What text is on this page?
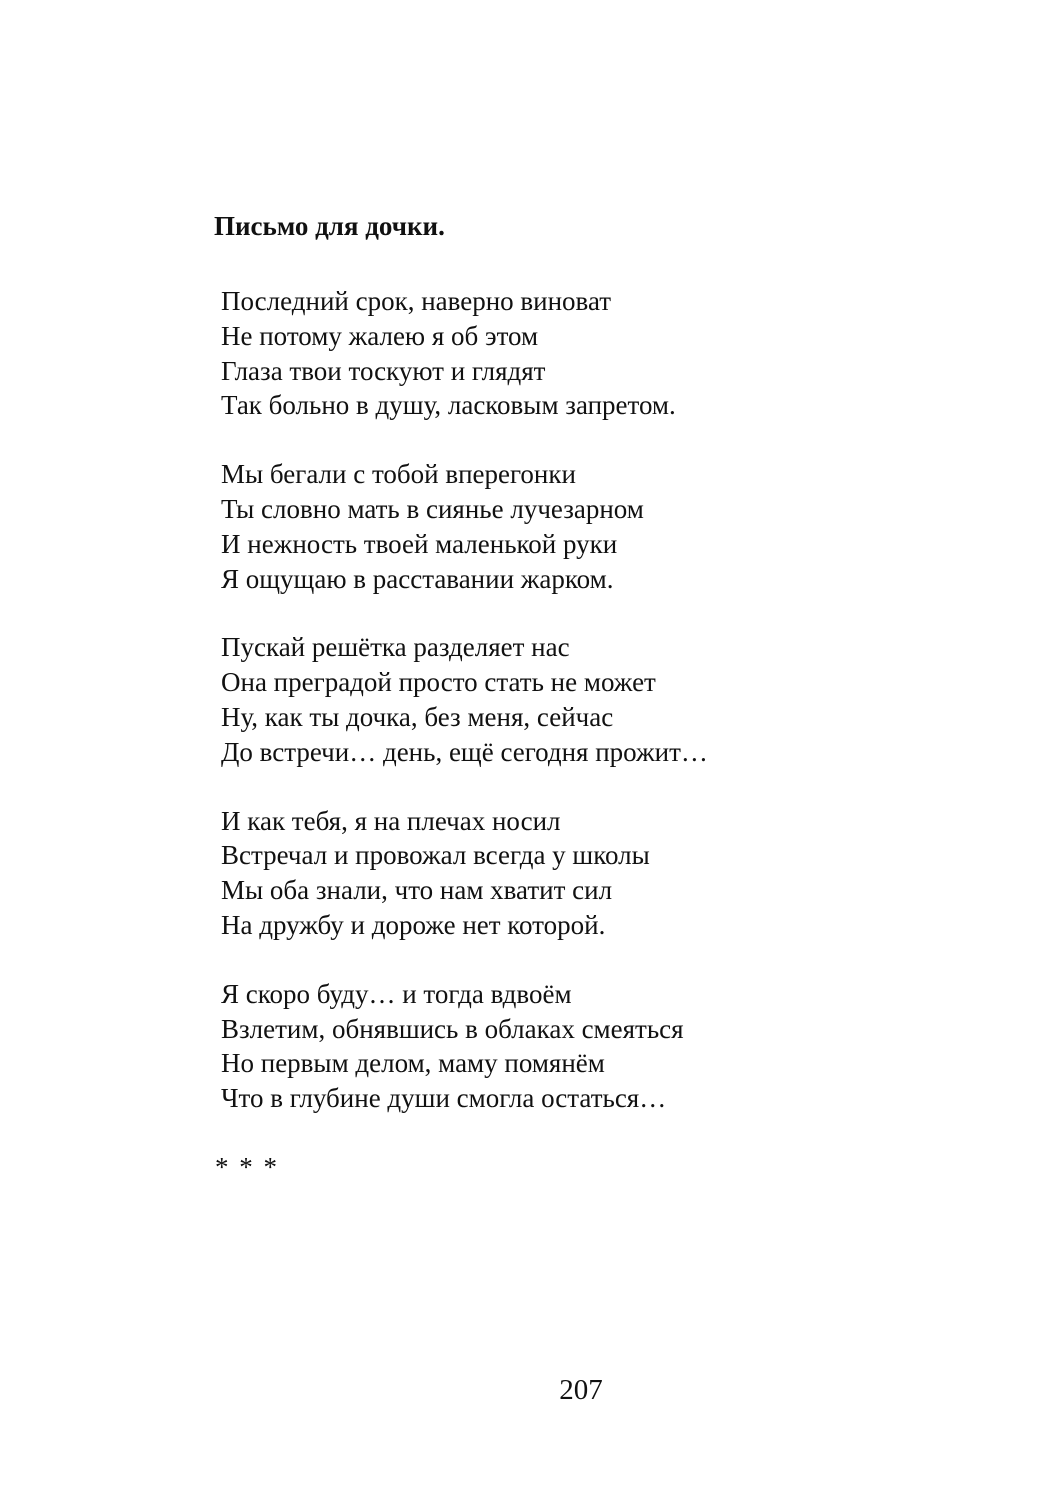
Письмо для дочки.
Последний срок, наверно виноват
Не потому жалею я об этом
Глаза твои тоскуют и глядят
Так больно в душу, ласковым запретом.
Мы бегали с тобой вперегонки
Ты словно мать в сиянье лучезарном
И нежность твоей маленькой руки
Я ощущаю в расставании жарком.
Пускай решётка разделяет нас
Она преградой просто стать не может
Ну, как ты дочка, без меня, сейчас
До встречи… день, ещё сегодня прожит…
И как тебя, я на плечах носил
Встречал и провожал всегда у школы
Мы оба знали, что нам хватит сил
На дружбу и дороже нет которой.
Я скоро буду… и тогда вдвоём
Взлетим, обнявшись в облаках смеяться
Но первым делом, маму помянём
Что в глубине души смогла остаться…
* * *
207
